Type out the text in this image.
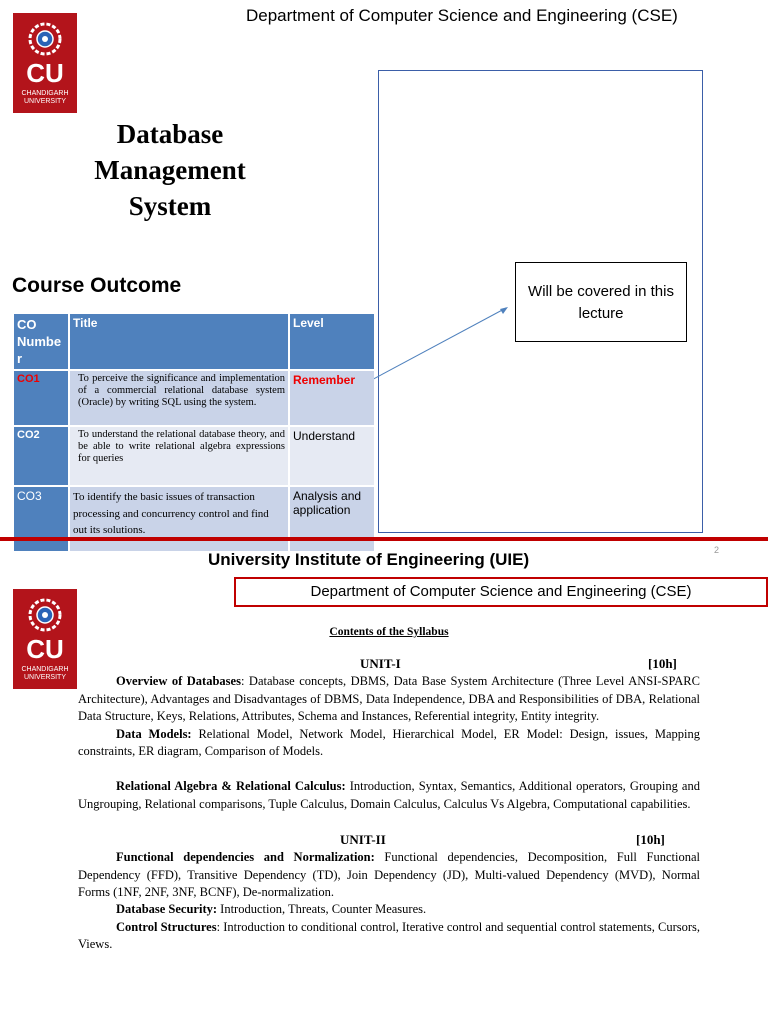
CU
CHANDIGARH UNIVERSITY
Department of Computer Science and Engineering (CSE)
Database
Management
System
Course Outcome	Will be covered in this lecture
CO Numbe r	Title	Level
CO1	To perceive the significance and implementation of a commercial relational database system (Oracle) by writing SQL using the system.	Remember
CO2	To understand the relational database theory, and be able to write relational algebra expressions for queries	Understand
CO3	To identify the basic issues of transaction processing and concurrency control and find out its solutions.	Analysis and application
University Institute of Engineering (UIE)	2
CU
CHANDIGARH UNIVERSITY
Department of Computer Science and Engineering (CSE)

Contents of the Syllabus

UNIT-I	[10h]

Overview of Databases: Database concepts, DBMS, Data Base System Architecture (Three Level ANSI-SPARC Architecture), Advantages and Disadvantages of DBMS, Data Independence, DBA and Responsibilities of DBA, Relational Data Structure, Keys, Relations, Attributes, Schema and Instances, Referential integrity, Entity integrity.

Data Models: Relational Model, Network Model, Hierarchical Model, ER Model: Design, issues, Mapping constraints, ER diagram, Comparison of Models.

Relational Algebra & Relational Calculus: Introduction, Syntax, Semantics, Additional operators, Grouping and Ungrouping, Relational comparisons, Tuple Calculus, Domain Calculus, Calculus Vs Algebra, Computational capabilities.

UNIT-II	[10h]

Functional dependencies and Normalization: Functional dependencies, Decomposition, Full Functional Dependency (FFD), Transitive Dependency (TD), Join Dependency (JD), Multi-valued Dependency (MVD), Normal Forms (1NF, 2NF, 3NF, BCNF), De-normalization.

Database Security: Introduction, Threats, Counter Measures.

Control Structures: Introduction to conditional control, Iterative control and sequential control statements, Cursors, Views.
